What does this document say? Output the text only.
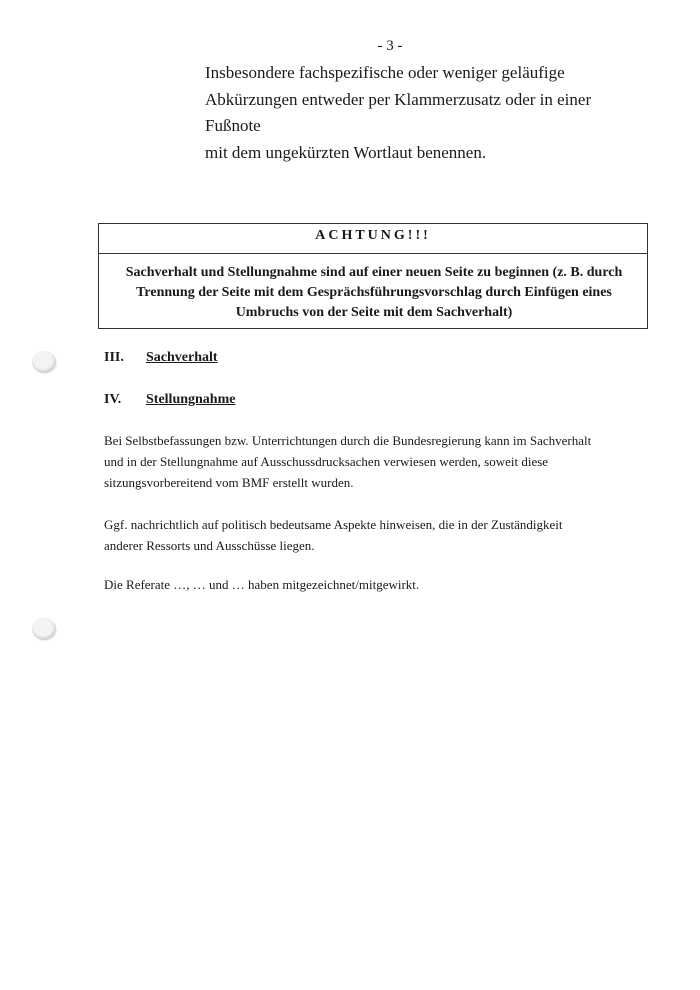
- 3 -

Insbesondere fachspezifische oder weniger geläufige

Abkürzungen entweder per Klammerzusatz oder in einer Fußnote

mit dem ungekürzten Wortlaut benennen.

ACHTUNG!!!
Sachverhalt und Stellungnahme sind auf einer neuen Seite zu beginnen (z. B. durch
Trennung der Seite mit dem Gesprächsführungsvorschlag durch Einfügen eines
Umbruchs von der Seite mit dem Sachverhalt)
III. Sachverhalt
IV. Stellungnahme
Bei Selbstbefassungen bzw. Unterrichtungen durch die Bundesregierung kann im Sachverhalt
und in der Stellungnahme auf Ausschussdrucksachen verwiesen werden, soweit diese
sitzungsvorbereitend vom BMF erstellt wurden.
Ggf. nachrichtlich auf politisch bedeutsame Aspekte hinweisen, die in der Zuständigkeit
anderer Ressorts und Ausschüsse liegen.
Die Referate …, … und … haben mitgezeichnet/mitgewirkt.
